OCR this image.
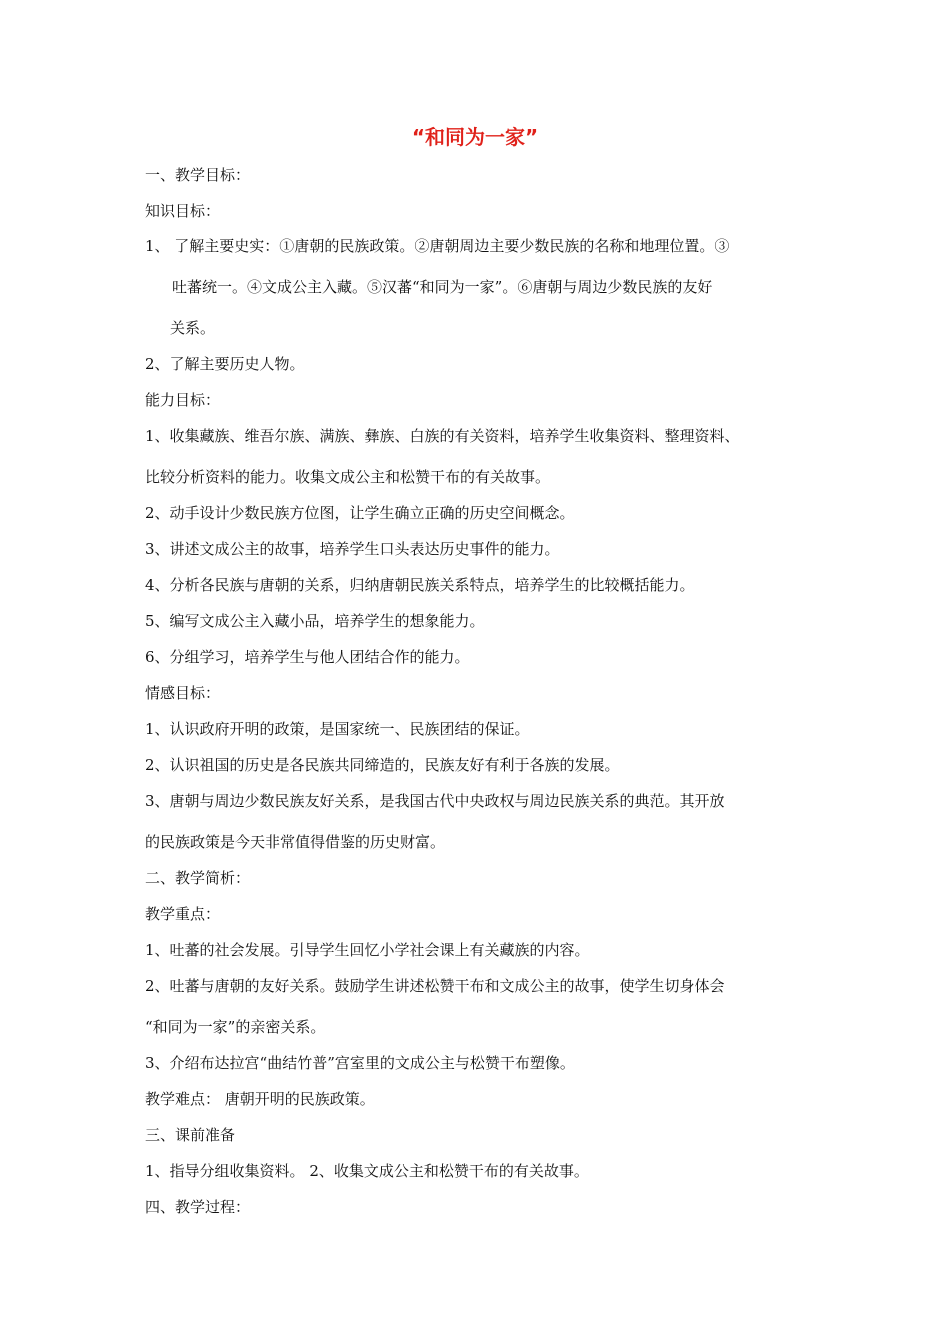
“和同为一家”
一、教学目标：
知识目标：
1、 了解主要史实：①唐朝的民族政策。②唐朝周边主要少数民族的名称和地理位置。③
吐蕃统一。④文成公主入藏。⑤汉蕃“和同为一家”。⑥唐朝与周边少数民族的友好
关系。
2、了解主要历史人物。
能力目标：
1、收集藏族、维吾尔族、满族、彝族、白族的有关资料，培养学生收集资料、整理资料、
比较分析资料的能力。收集文成公主和松赞干布的有关故事。
2、动手设计少数民族方位图，让学生确立正确的历史空间概念。
3、讲述文成公主的故事，培养学生口头表达历史事件的能力。
4、分析各民族与唐朝的关系，归纳唐朝民族关系特点，培养学生的比较概括能力。
5、编写文成公主入藏小品，培养学生的想象能力。
6、分组学习，培养学生与他人团结合作的能力。
情感目标：
1、认识政府开明的政策，是国家统一、民族团结的保证。
2、认识祖国的历史是各民族共同缔造的，民族友好有利于各族的发展。
3、唐朝与周边少数民族友好关系，是我国古代中央政权与周边民族关系的典范。其开放
的民族政策是今天非常值得借鉴的历史财富。
二、教学简析：
教学重点：
1、吐蕃的社会发展。引导学生回忆小学社会课上有关藏族的内容。
2、吐蕃与唐朝的友好关系。鼓励学生讲述松赞干布和文成公主的故事，使学生切身体会
“和同为一家”的亲密关系。
3、介绍布达拉宫“曲结竹普”宫室里的文成公主与松赞干布塑像。
教学难点： 唐朝开明的民族政策。
三、课前准备
1、指导分组收集资料。 2、收集文成公主和松赞干布的有关故事。
四、教学过程：
